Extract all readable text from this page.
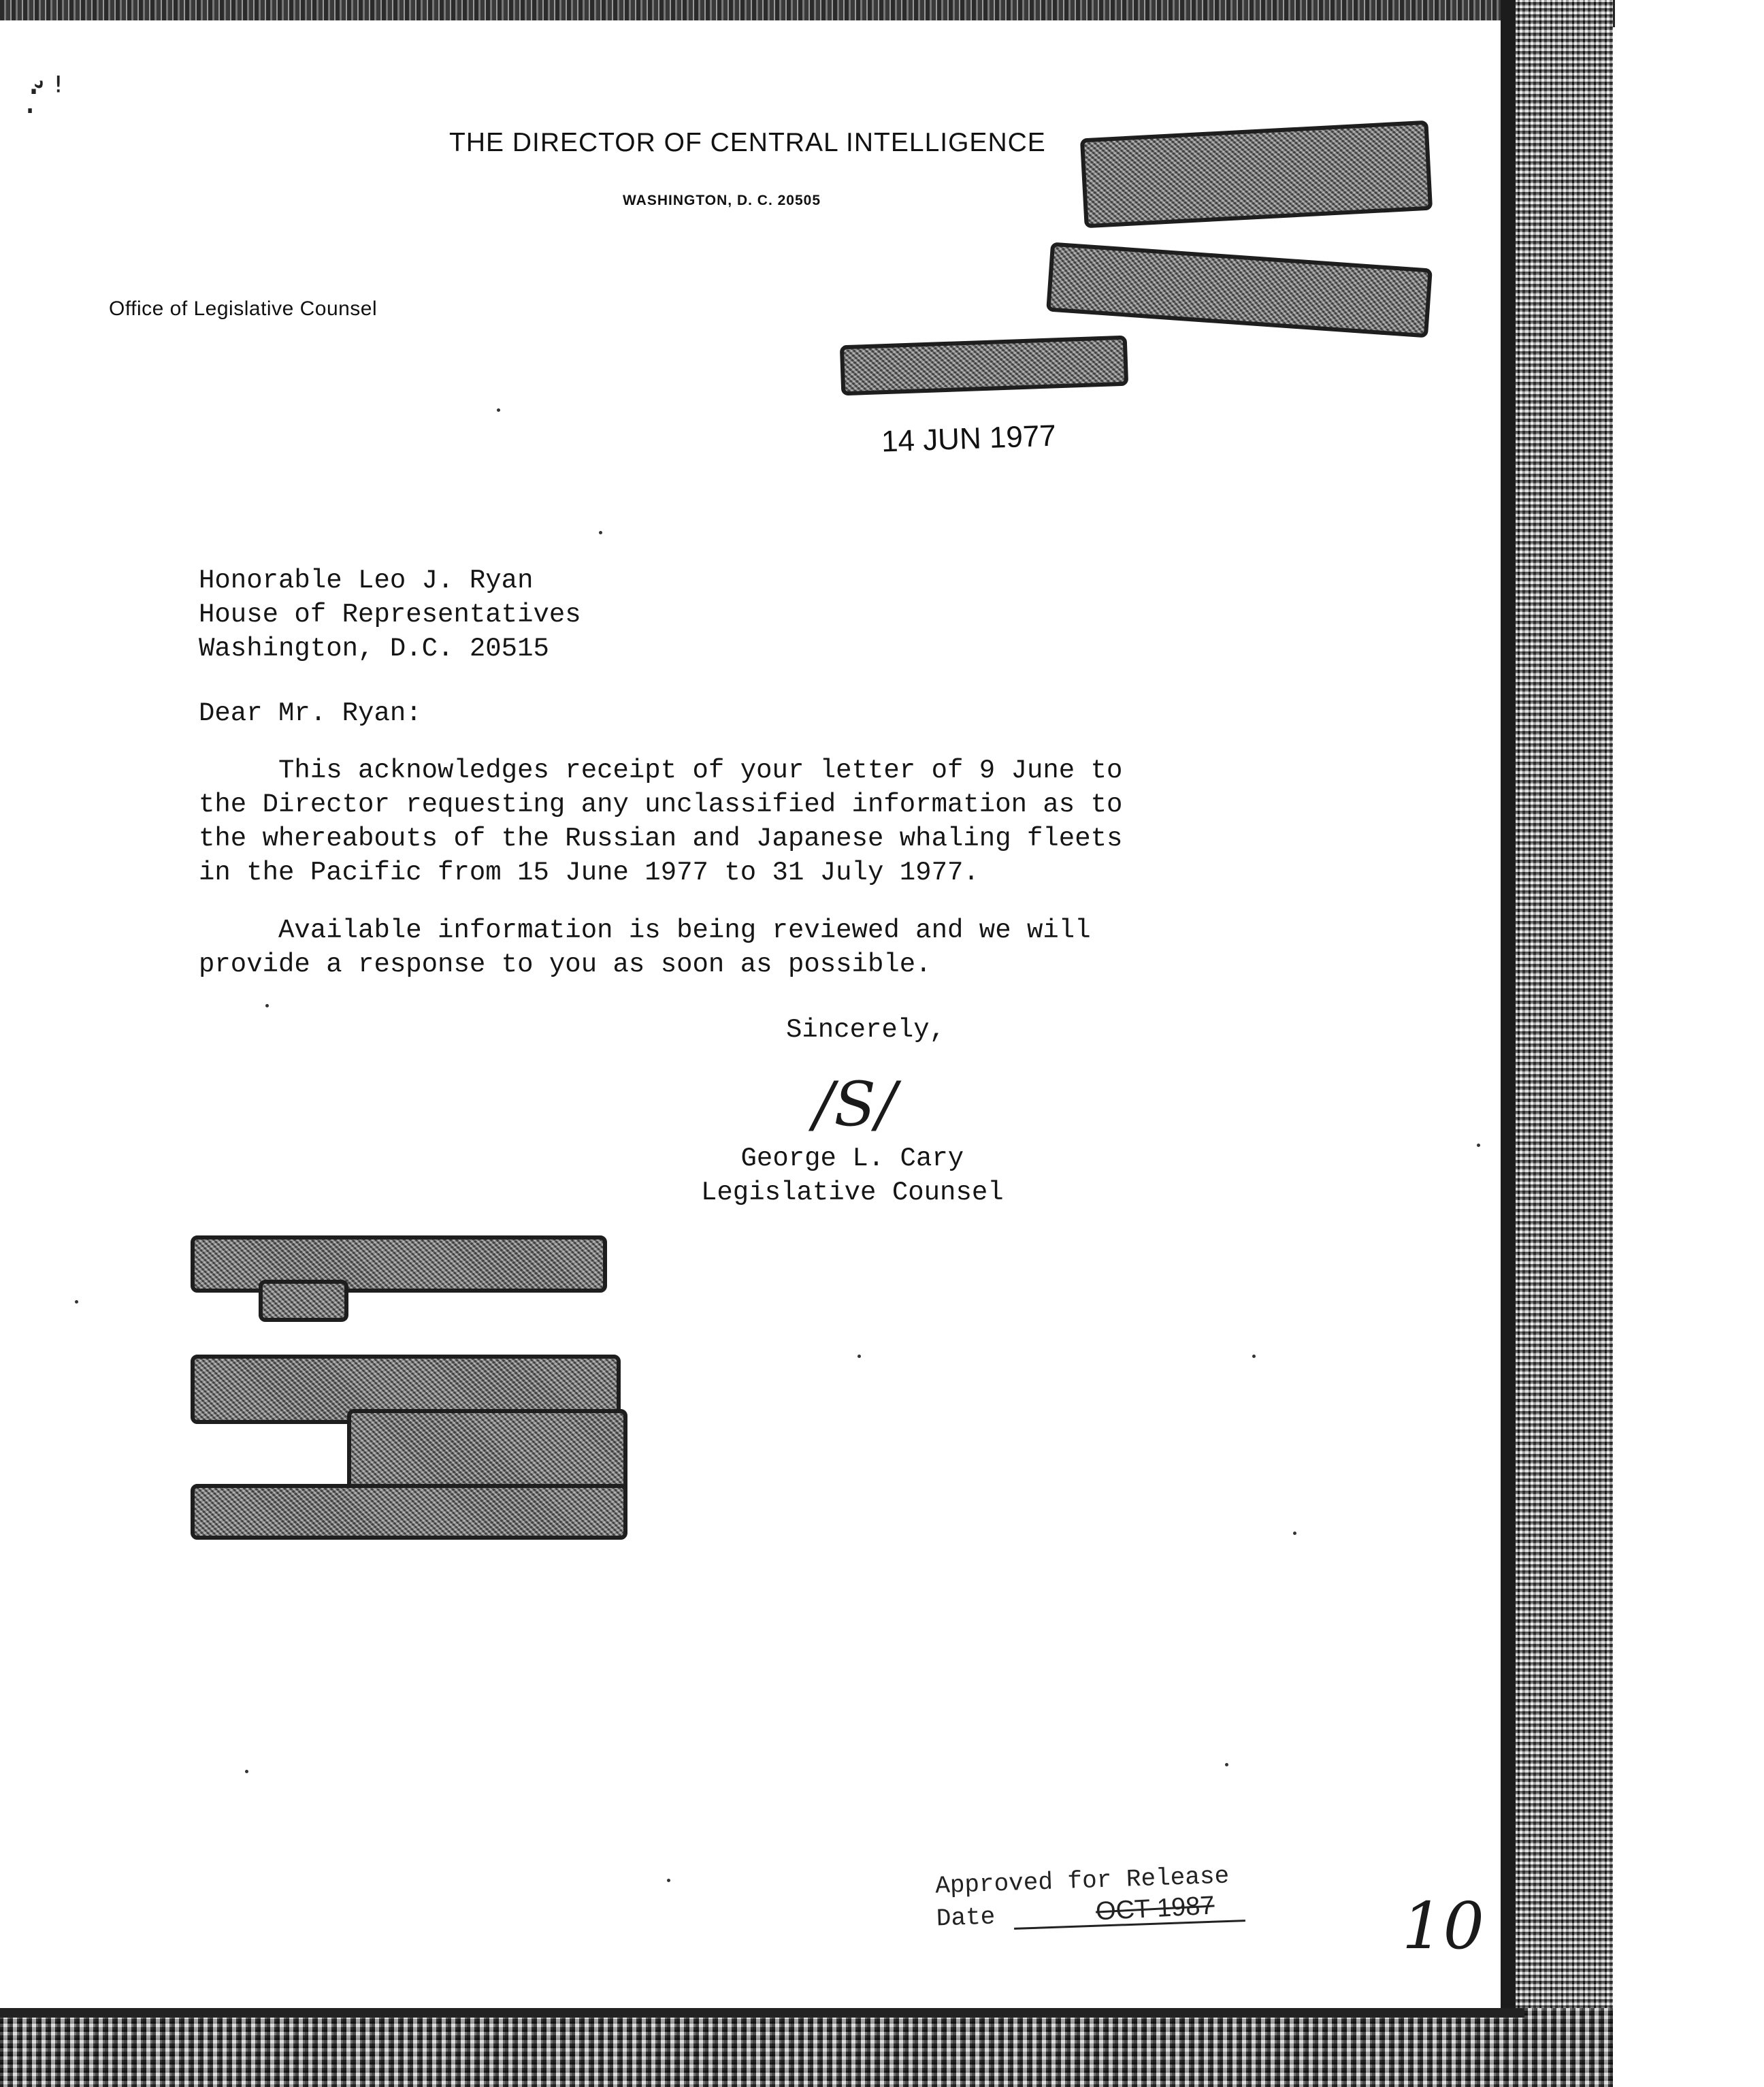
·̛̣ ꜝ
THE DIRECTOR OF CENTRAL INTELLIGENCE
WASHINGTON, D. C. 20505
Office of Legislative Counsel
14 JUN 1977
Honorable Leo J. Ryan
House of Representatives
Washington, D.C. 20515
Dear Mr. Ryan:
This acknowledges receipt of your letter of 9 June to
the Director requesting any unclassified information as to
the whereabouts of the Russian and Japanese whaling fleets
in the Pacific from 15 June 1977 to 31 July 1977.
Available information is being reviewed and we will
provide a response to you as soon as possible.
Sincerely,
/S/
George L. Cary
Legislative Counsel
Approved for Release
Date	OCT 1987	10
